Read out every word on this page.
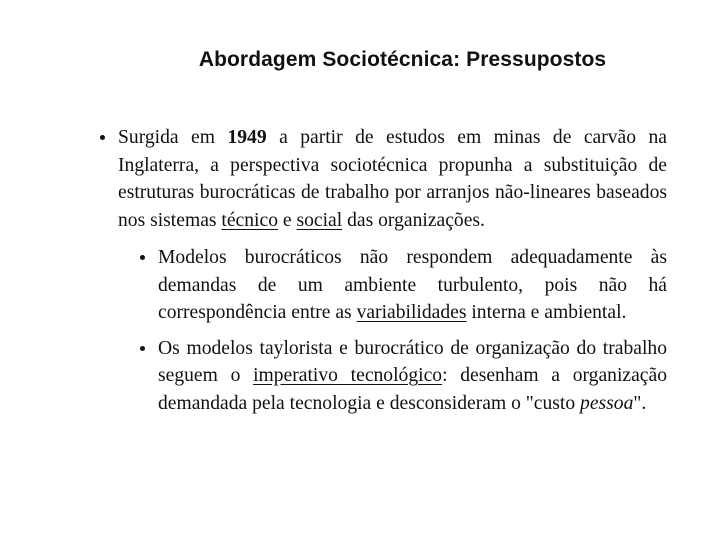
Abordagem Sociotécnica: Pressupostos
Surgida em 1949 a partir de estudos em minas de carvão na Inglaterra, a perspectiva sociotécnica propunha a substituição de estruturas burocráticas de trabalho por arranjos não-lineares baseados nos sistemas técnico e social das organizações.
Modelos burocráticos não respondem adequadamente às demandas de um ambiente turbulento, pois não há correspondência entre as variabilidades interna e ambiental.
Os modelos taylorista e burocrático de organização do trabalho seguem o imperativo tecnológico: desenham a organização demandada pela tecnologia e desconsideram o "custo pessoa".
